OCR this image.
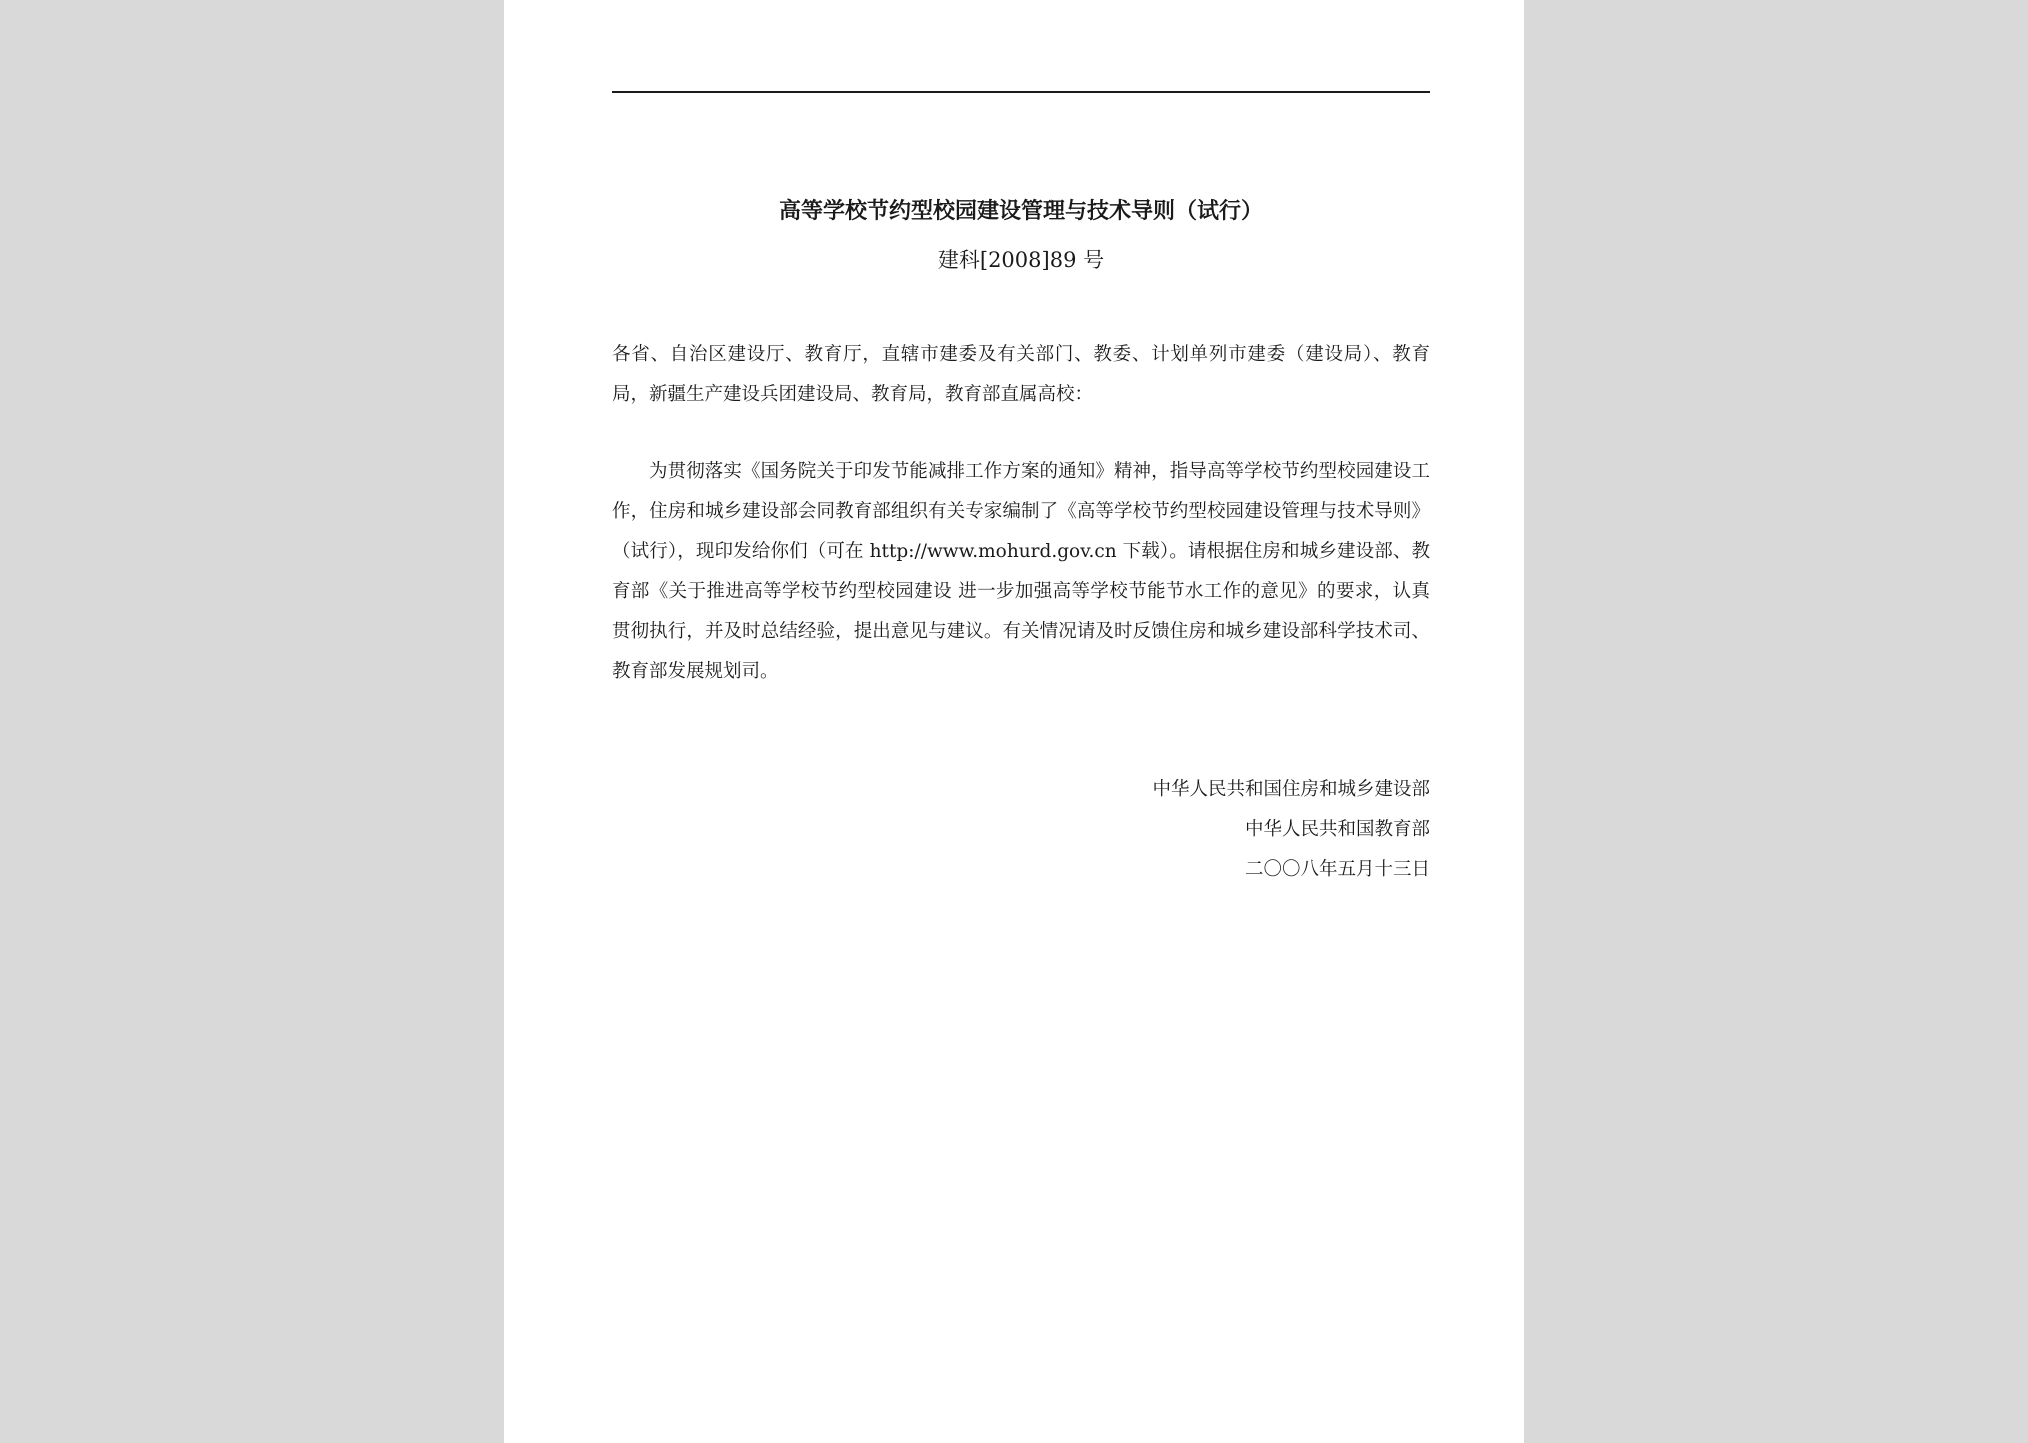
高等学校节约型校园建设管理与技术导则（试行）
建科[2008]89 号

各省、自治区建设厅、教育厅，直辖市建委及有关部门、教委、计划单列市建委（建设局）、教育局，新疆生产建设兵团建设局、教育局，教育部直属高校：

为贯彻落实《国务院关于印发节能减排工作方案的通知》精神，指导高等学校节约型校园建设工作，住房和城乡建设部会同教育部组织有关专家编制了《高等学校节约型校园建设管理与技术导则》（试行），现印发给你们（可在 http://www.mohurd.gov.cn 下载）。请根据住房和城乡建设部、教育部《关于推进高等学校节约型校园建设 进一步加强高等学校节能节水工作的意见》的要求，认真贯彻执行，并及时总结经验，提出意见与建议。有关情况请及时反馈住房和城乡建设部科学技术司、教育部发展规划司。

中华人民共和国住房和城乡建设部
中华人民共和国教育部
二〇〇八年五月十三日
